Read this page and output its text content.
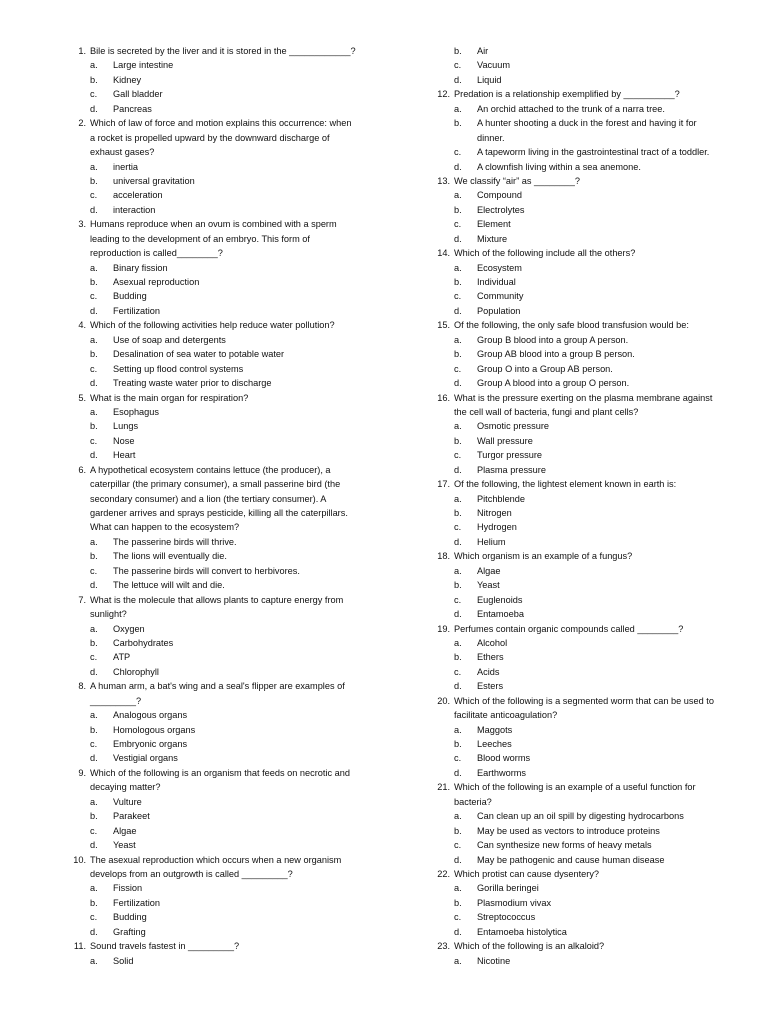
1. Bile is secreted by the liver and it is stored in the ____________?
a. Large intestine
b. Kidney
c. Gall bladder
d. Pancreas
2. Which of law of force and motion explains this occurrence: when
a rocket is propelled upward by the downward discharge of
exhaust gases?
a. inertia
b. universal gravitation
c. acceleration
d. interaction
3. Humans reproduce when an ovum is combined with a sperm
leading to the development of an embryo. This form of
reproduction is called________?
a. Binary fission
b. Asexual reproduction
c. Budding
d. Fertilization
4. Which of the following activities help reduce water pollution?
a. Use of soap and detergents
b. Desalination of sea water to potable water
c. Setting up flood control systems
d. Treating waste water prior to discharge
5. What is the main organ for respiration?
a. Esophagus
b. Lungs
c. Nose
d. Heart
6. A hypothetical ecosystem contains lettuce (the producer), a
caterpillar (the primary consumer), a small passerine bird (the
secondary consumer) and a lion (the tertiary consumer). A
gardener arrives and sprays pesticide, killing all the caterpillars.
What can happen to the ecosystem?
a. The passerine birds will thrive.
b. The lions will eventually die.
c. The passerine birds will convert to herbivores.
d. The lettuce will wilt and die.
7. What is the molecule that allows plants to capture energy from
sunlight?
a. Oxygen
b. Carbohydrates
c. ATP
d. Chlorophyll
8. A human arm, a bat's wing and a seal's flipper are examples of
_________?
a. Analogous organs
b. Homologous organs
c. Embryonic organs
d. Vestigial organs
9. Which of the following is an organism that feeds on necrotic and
decaying matter?
a. Vulture
b. Parakeet
c. Algae
d. Yeast
10. The asexual reproduction which occurs when a new organism
develops from an outgrowth is called _________?
a. Fission
b. Fertilization
c. Budding
d. Grafting
11. Sound travels fastest in _________?
a. Solid
b. Air
c. Vacuum
d. Liquid
12. Predation is a relationship exemplified by __________?
a. An orchid attached to the trunk of a narra tree.
b. A hunter shooting a duck in the forest and having it for
dinner.
c. A tapeworm living in the gastrointestinal tract of a toddler.
d. A clownfish living within a sea anemone.
13. We classify “air” as ________?
a. Compound
b. Electrolytes
c. Element
d. Mixture
14. Which of the following include all the others?
a. Ecosystem
b. Individual
c. Community
d. Population
15. Of the following, the only safe blood transfusion would be:
a. Group B blood into a group A person.
b. Group AB blood into a group B person.
c. Group O into a Group AB person.
d. Group A blood into a group O person.
16. What is the pressure exerting on the plasma membrane against
the cell wall of bacteria, fungi and plant cells?
a. Osmotic pressure
b. Wall pressure
c. Turgor pressure
d. Plasma pressure
17. Of the following, the lightest element known in earth is:
a. Pitchblende
b. Nitrogen
c. Hydrogen
d. Helium
18. Which organism is an example of a fungus?
a. Algae
b. Yeast
c. Euglenoids
d. Entamoeba
19. Perfumes contain organic compounds called ________?
a. Alcohol
b. Ethers
c. Acids
d. Esters
20. Which of the following is a segmented worm that can be used to
facilitate anticoagulation?
a. Maggots
b. Leeches
c. Blood worms
d. Earthworms
21. Which of the following is an example of a useful function for
bacteria?
a. Can clean up an oil spill by digesting hydrocarbons
b. May be used as vectors to introduce proteins
c. Can synthesize new forms of heavy metals
d. May be pathogenic and cause human disease
22. Which protist can cause dysentery?
a. Gorilla beringei
b. Plasmodium vivax
c. Streptococcus
d. Entamoeba histolytica
23. Which of the following is an alkaloid?
a. Nicotine
